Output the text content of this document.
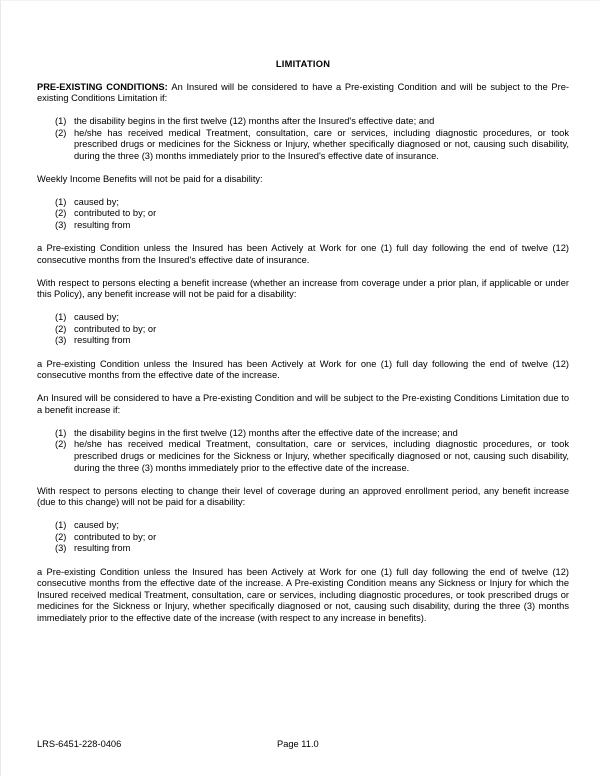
LIMITATION

PRE-EXISTING CONDITIONS: An Insured will be considered to have a Pre-existing Condition and will be subject to the Pre-existing Conditions Limitation if:

(1) the disability begins in the first twelve (12) months after the Insured's effective date; and
(2) he/she has received medical Treatment, consultation, care or services, including diagnostic procedures, or took prescribed drugs or medicines for the Sickness or Injury, whether specifically diagnosed or not, causing such disability, during the three (3) months immediately prior to the Insured's effective date of insurance.

Weekly Income Benefits will not be paid for a disability:

(1) caused by;
(2) contributed to by; or
(3) resulting from

a Pre-existing Condition unless the Insured has been Actively at Work for one (1) full day following the end of twelve (12) consecutive months from the Insured's effective date of insurance.

With respect to persons electing a benefit increase (whether an increase from coverage under a prior plan, if applicable or under this Policy), any benefit increase will not be paid for a disability:

(1) caused by;
(2) contributed to by; or
(3) resulting from

a Pre-existing Condition unless the Insured has been Actively at Work for one (1) full day following the end of twelve (12) consecutive months from the effective date of the increase.

An Insured will be considered to have a Pre-existing Condition and will be subject to the Pre-existing Conditions Limitation due to a benefit increase if:

(1) the disability begins in the first twelve (12) months after the effective date of the increase; and
(2) he/she has received medical Treatment, consultation, care or services, including diagnostic procedures, or took prescribed drugs or medicines for the Sickness or Injury, whether specifically diagnosed or not, causing such disability, during the three (3) months immediately prior to the effective date of the increase.

With respect to persons electing to change their level of coverage during an approved enrollment period, any benefit increase (due to this change) will not be paid for a disability:

(1) caused by;
(2) contributed to by; or
(3) resulting from

a Pre-existing Condition unless the Insured has been Actively at Work for one (1) full day following the end of twelve (12) consecutive months from the effective date of the increase. A Pre-existing Condition means any Sickness or Injury for which the Insured received medical Treatment, consultation, care or services, including diagnostic procedures, or took prescribed drugs or medicines for the Sickness or Injury, whether specifically diagnosed or not, causing such disability, during the three (3) months immediately prior to the effective date of the increase (with respect to any increase in benefits).

LRS-6451-228-0406	Page 11.0
